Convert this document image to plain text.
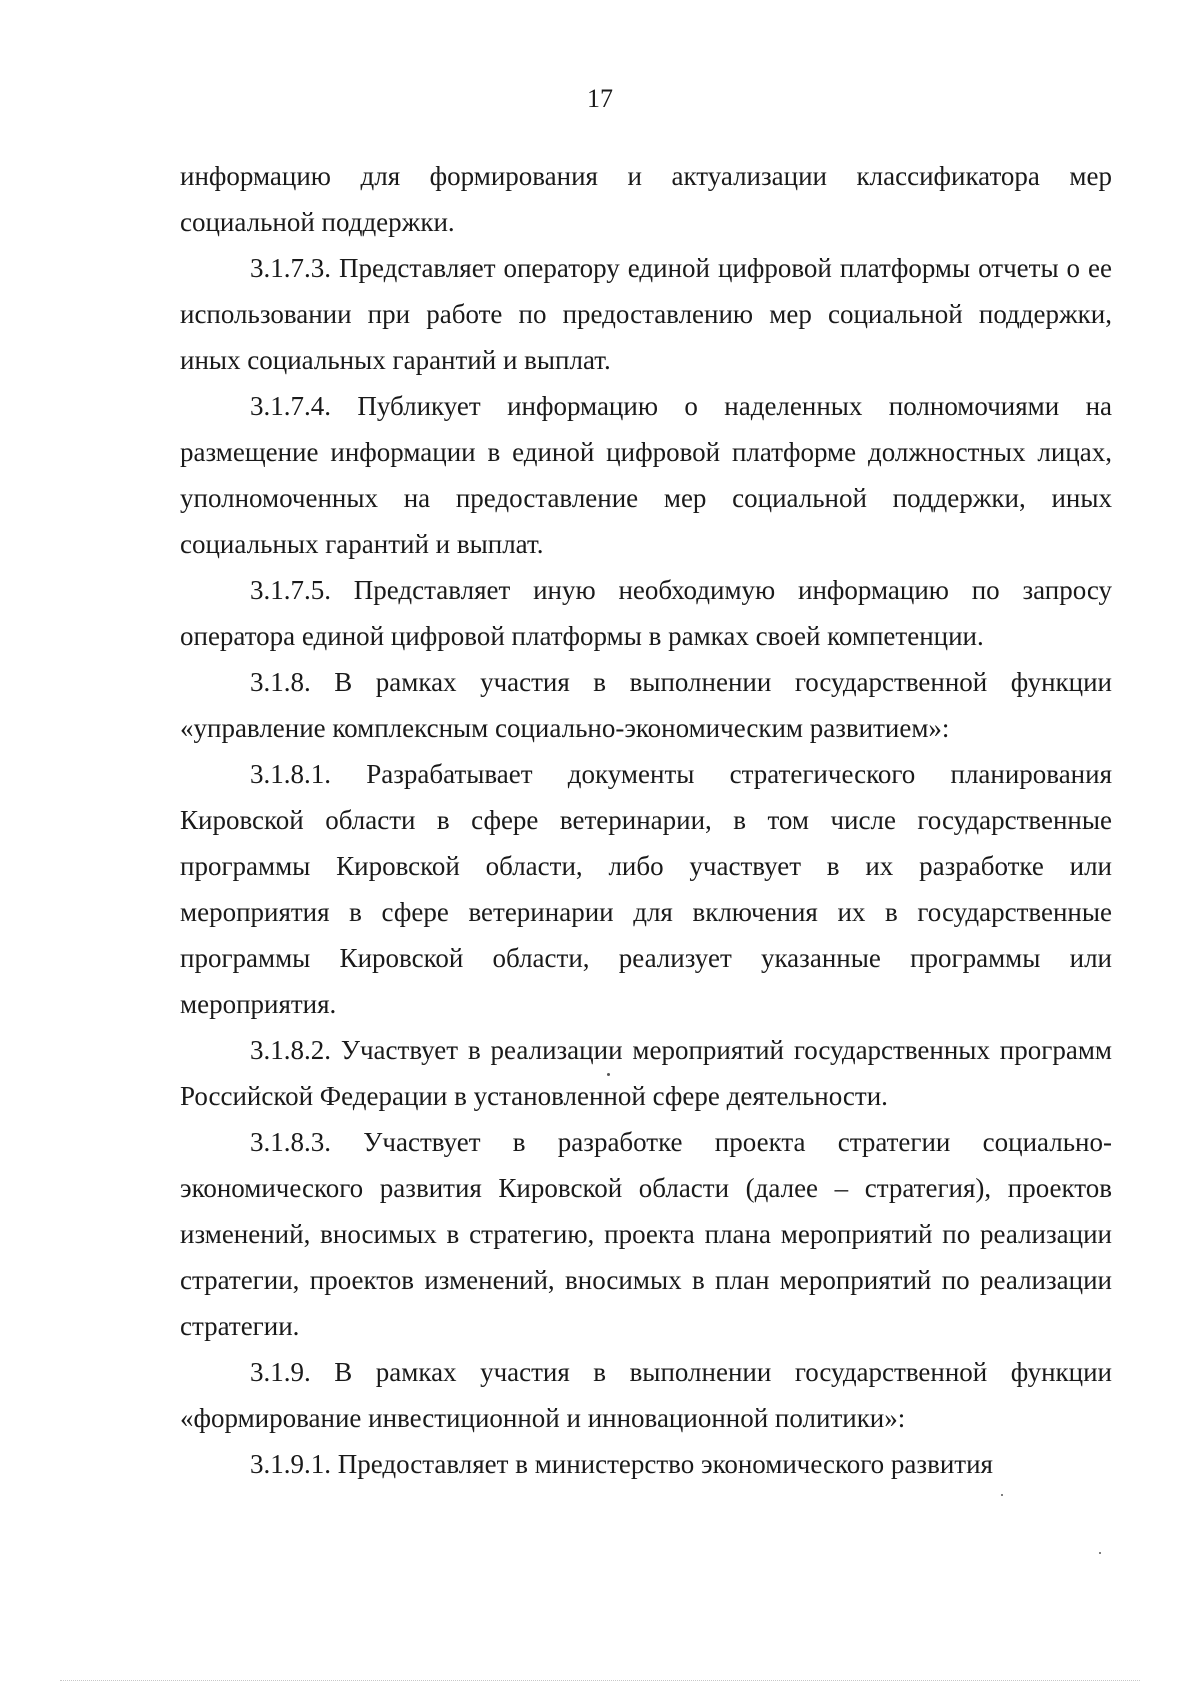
17

информацию для формирования и актуализации классификатора мер социальной поддержки.

3.1.7.3. Представляет оператору единой цифровой платформы отчеты о ее использовании при работе по предоставлению мер социальной поддержки, иных социальных гарантий и выплат.

3.1.7.4. Публикует информацию о наделенных полномочиями на размещение информации в единой цифровой платформе должностных лицах, уполномоченных на предоставление мер социальной поддержки, иных социальных гарантий и выплат.

3.1.7.5. Представляет иную необходимую информацию по запросу оператора единой цифровой платформы в рамках своей компетенции.

3.1.8. В рамках участия в выполнении государственной функции «управление комплексным социально-экономическим развитием»:

3.1.8.1. Разрабатывает документы стратегического планирования Кировской области в сфере ветеринарии, в том числе государственные программы Кировской области, либо участвует в их разработке или мероприятия в сфере ветеринарии для включения их в государственные программы Кировской области, реализует указанные программы или мероприятия.

3.1.8.2. Участвует в реализации мероприятий государственных программ Российской Федерации в установленной сфере деятельности.

3.1.8.3. Участвует в разработке проекта стратегии социально-экономического развития Кировской области (далее – стратегия), проектов изменений, вносимых в стратегию, проекта плана мероприятий по реализации стратегии, проектов изменений, вносимых в план мероприятий по реализации стратегии.

3.1.9. В рамках участия в выполнении государственной функции «формирование инвестиционной и инновационной политики»:

3.1.9.1. Предоставляет в министерство экономического развития
